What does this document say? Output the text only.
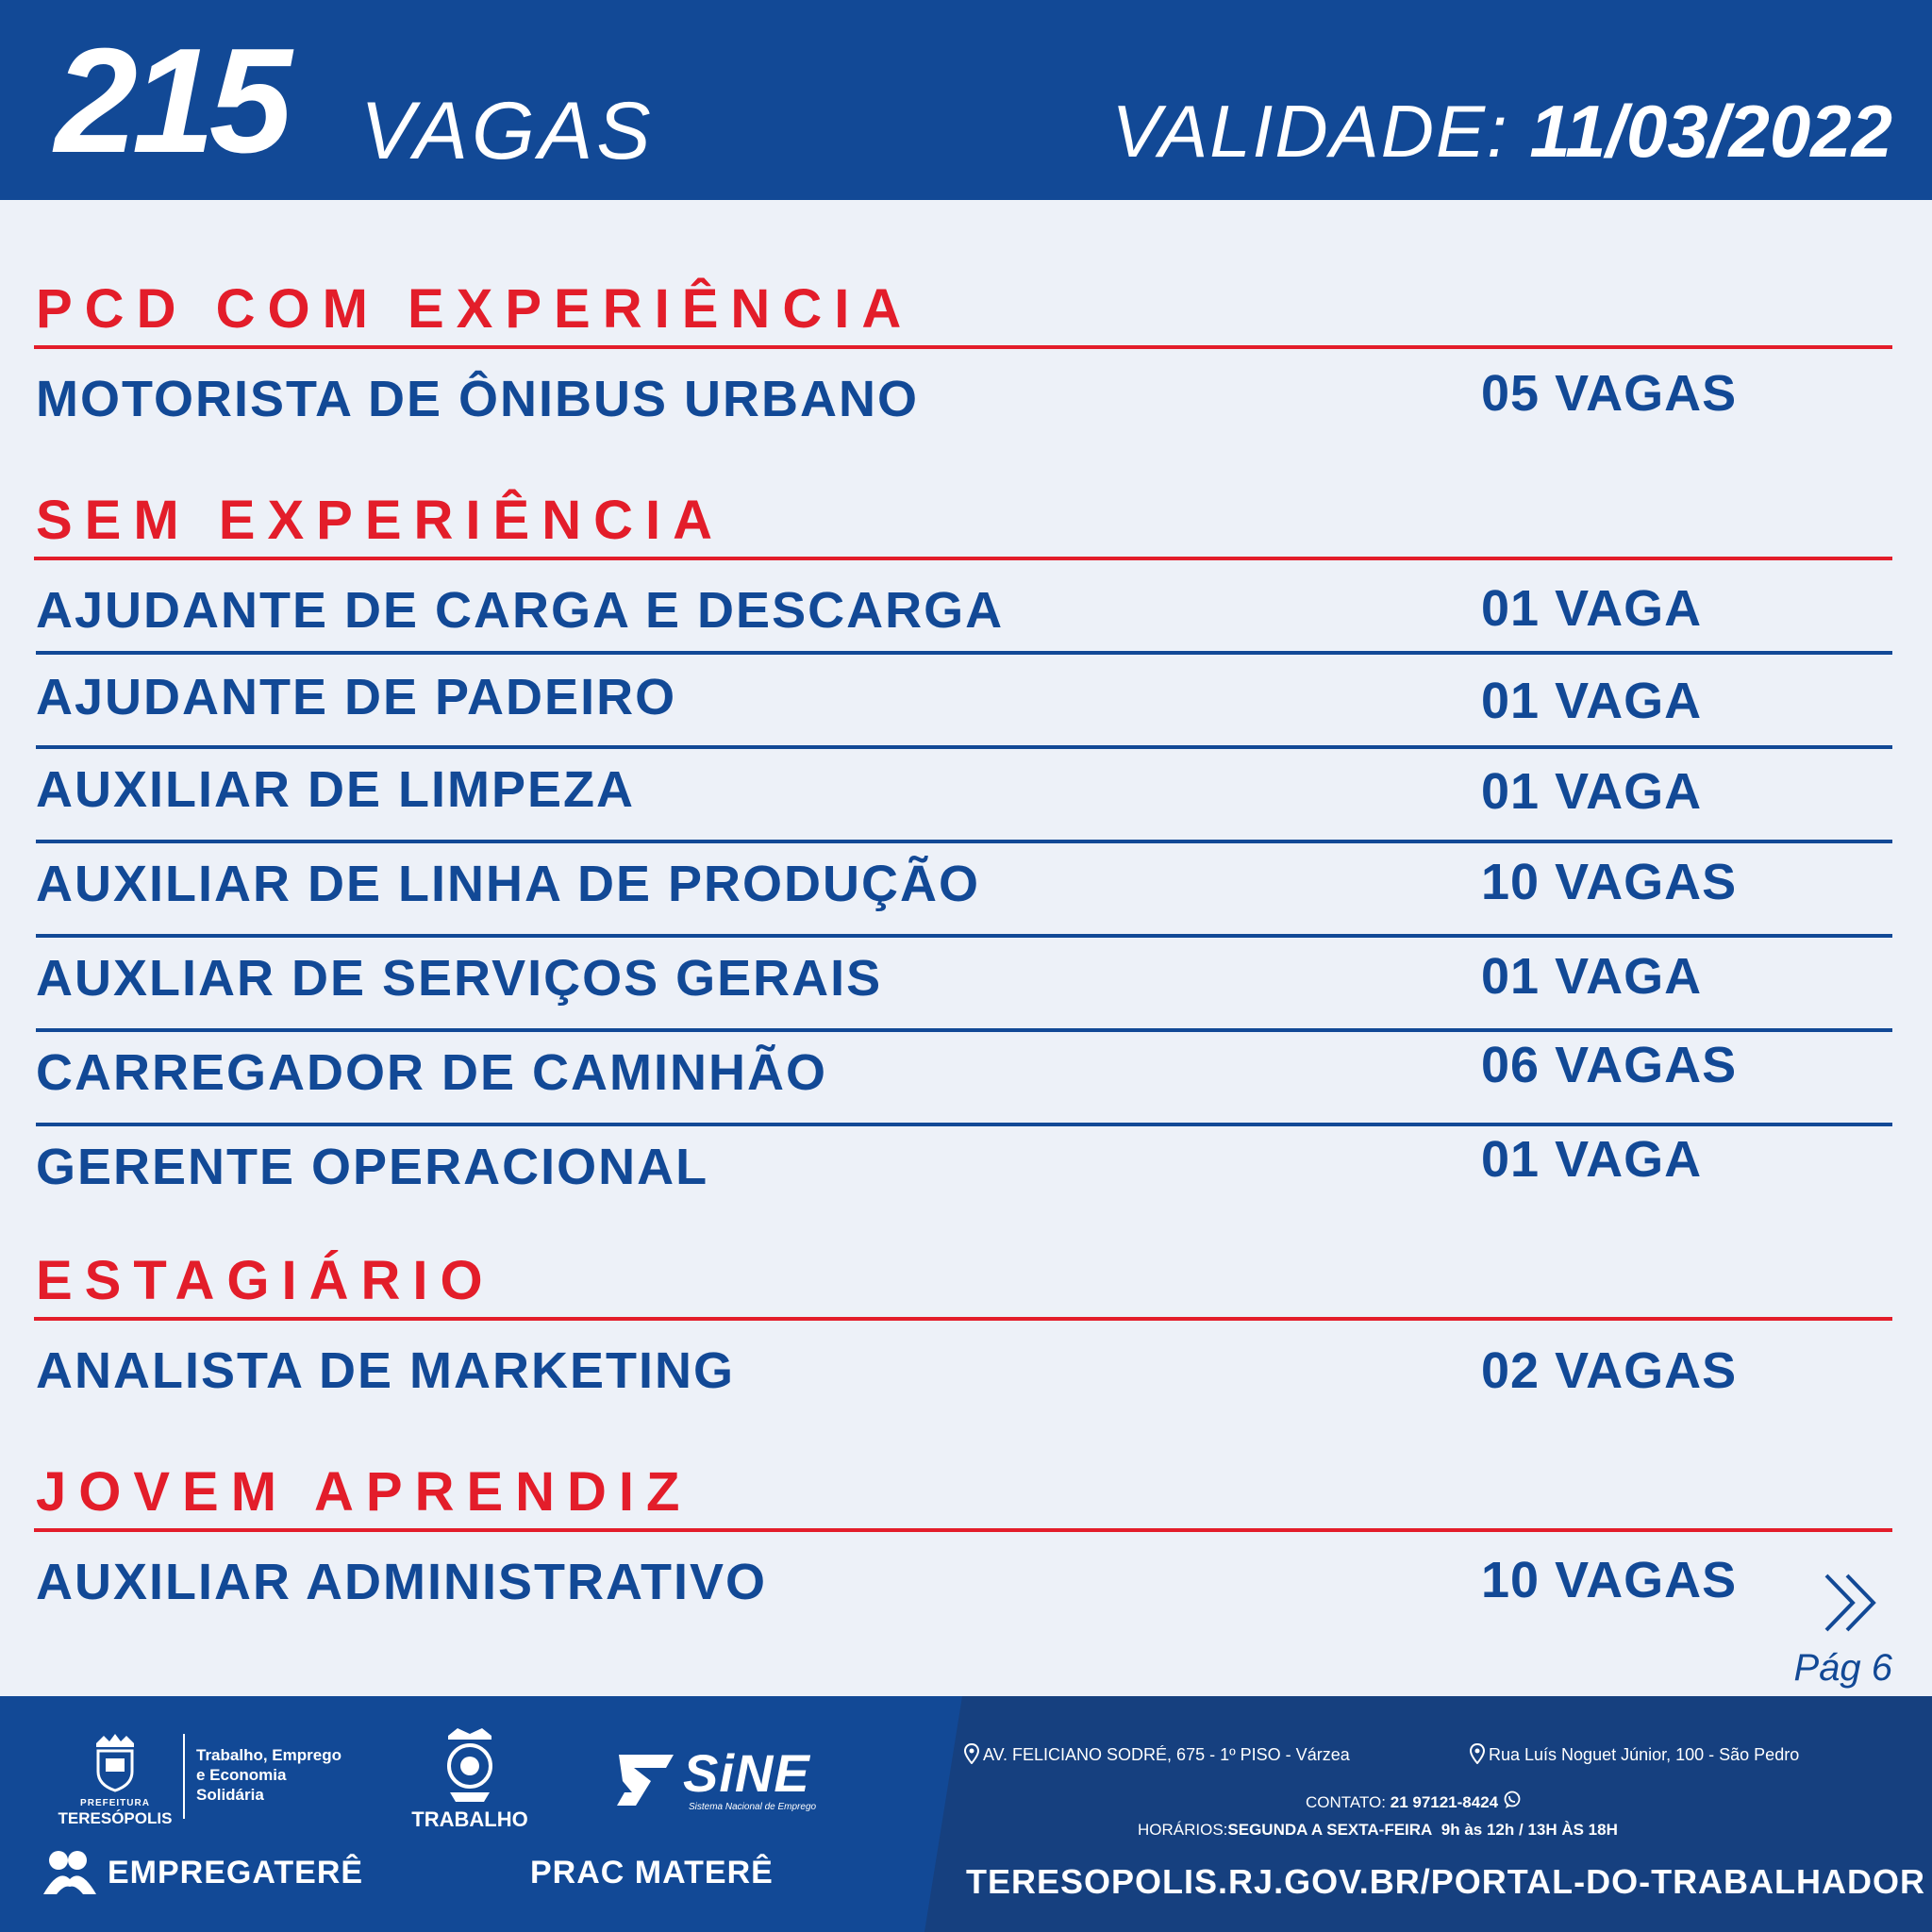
215 VAGAS	VALIDADE: 11/03/2022
PCD COM EXPERIÊNCIA
MOTORISTA DE ÔNIBUS URBANO	05 VAGAS
SEM EXPERIÊNCIA
AJUDANTE DE CARGA E DESCARGA	01 VAGA
AJUDANTE DE PADEIRO	01 VAGA
AUXILIAR DE LIMPEZA	01 VAGA
AUXILIAR DE LINHA DE PRODUÇÃO	10 VAGAS
AUXLIAR DE SERVIÇOS GERAIS	01 VAGA
CARREGADOR DE CAMINHÃO	06 VAGAS
GERENTE OPERACIONAL	01 VAGA
ESTAGIÁRIO
ANALISTA DE MARKETING	02 VAGAS
JOVEM APRENDIZ
AUXILIAR ADMINISTRATIVO	10 VAGAS
Pág 6
PREFEITURA
TERESÓPOLIS
Trabalho, Emprego
e Economia
Solidária
TRABALHO
SiNE
Sistema Nacional de Emprego
EMPREGATERÊ	PRAC MATERÊ
AV. FELICIANO SODRÉ, 675 - 1º PISO - Várzea	Rua Luís Noguet Júnior, 100 - São Pedro
CONTATO: 21 97121-8424
HORÁRIOS:SEGUNDA A SEXTA-FEIRA 9h às 12h / 13H ÀS 18H
TERESOPOLIS.RJ.GOV.BR/PORTAL-DO-TRABALHADOR
